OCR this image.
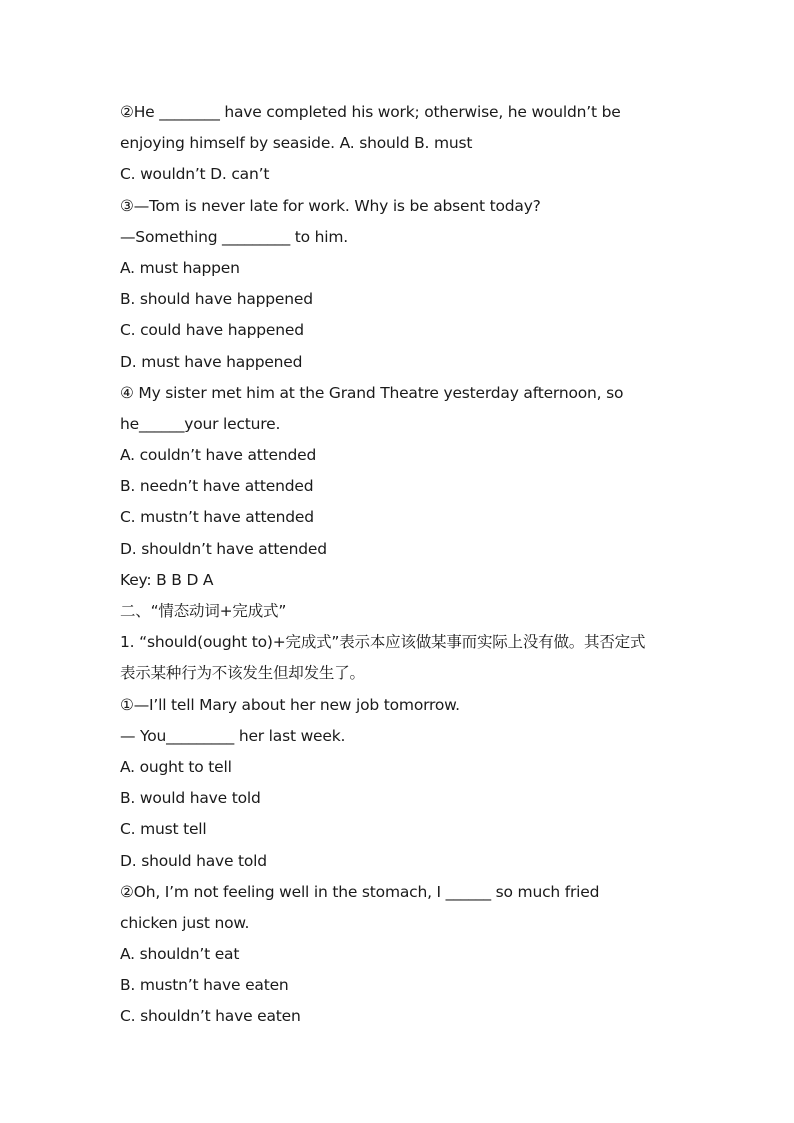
②He ________ have completed his work; otherwise, he wouldn’t be
enjoying himself by seaside. A. should B. must
C. wouldn’t D. can’t
③—Tom is never late for work. Why is be absent today?
—Something _________ to him.
A. must happen
B. should have happened
C. could have happened
D. must have happened
④ My sister met him at the Grand Theatre yesterday afternoon, so
he______your lecture.
A. couldn’t have attended
B. needn’t have attended
C. mustn’t have attended
D. shouldn’t have attended
Key: B B D A
二、“情态动词+完成式”
1. “should(ought to)+完成式”表示本应该做某事而实际上没有做。其否定式
表示某种行为不该发生但却发生了。
①—I’ll tell Mary about her new job tomorrow.
— You_________ her last week.
A. ought to tell
B. would have told
C. must tell
D. should have told
②Oh, I’m not feeling well in the stomach, I ______ so much fried
chicken just now.
A. shouldn’t eat
B. mustn’t have eaten
C. shouldn’t have eaten
